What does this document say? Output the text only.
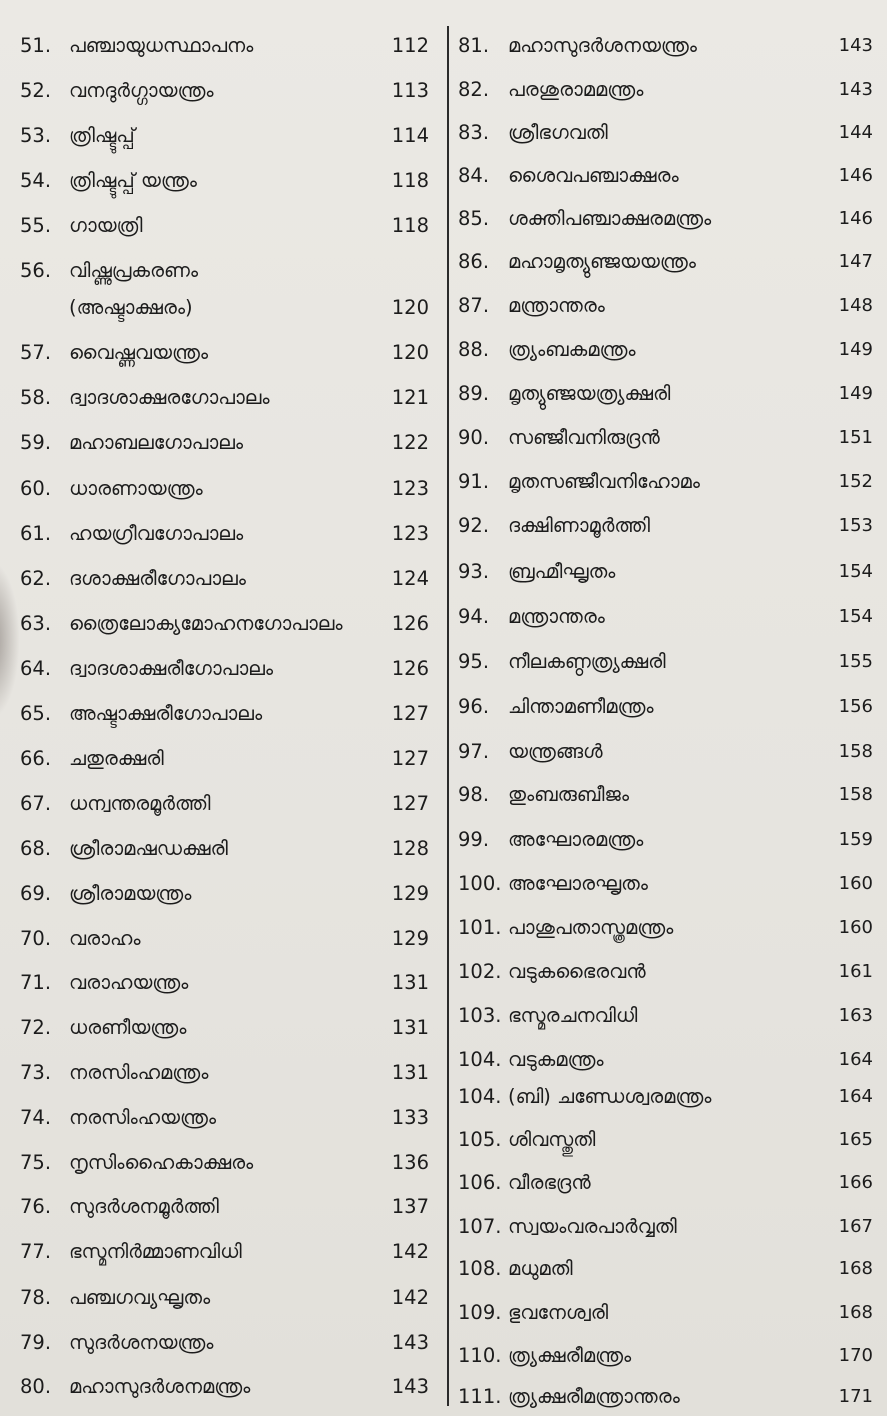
51. പഞ്ചായുധസ്ഥാപനം	112
52. വനദുർഗ്ഗായന്ത്രം	113
53. ത്രിഷ്ടുപ്പ്	114
54. ത്രിഷ്ടുപ്പ് യന്ത്രം	118
55. ഗായത്രി	118
56. വിഷ്ണുപ്രകരണം
(അഷ്ടാക്ഷരം)	120
57. വൈഷ്ണവയന്ത്രം	120
58. ദ്വാദശാക്ഷരഗോപാലം	121
59. മഹാബലഗോപാലം	122
60. ധാരണായന്ത്രം	123
61. ഹയഗ്രീവഗോപാലം	123
62. ദശാക്ഷരീഗോപാലം	124
63. ത്രൈലോക്യമോഹനഗോപാലം	126
64. ദ്വാദശാക്ഷരീഗോപാലം	126
65. അഷ്ടാക്ഷരീഗോപാലം	127
66. ചതുരക്ഷരി	127
67. ധന്വന്തരമൂർത്തി	127
68. ശ്രീരാമഷഡക്ഷരി	128
69. ശ്രീരാമയന്ത്രം	129
70. വരാഹം	129
71. വരാഹയന്ത്രം	131
72. ധരണീയന്ത്രം	131
73. നരസിംഹമന്ത്രം	131
74. നരസിംഹയന്ത്രം	133
75. നൃസിംഹൈകാക്ഷരം	136
76. സുദർശനമൂർത്തി	137
77. ഭസ്മനിർമ്മാണവിധി	142
78. പഞ്ചഗവ്യഘൃതം	142
79. സുദർശനയന്ത്രം	143
80. മഹാസുദർശനമന്ത്രം	143
81. മഹാസുദർശനയന്ത്രം	143
82. പരശുരാമമന്ത്രം	143
83. ശ്രീഭഗവതി	144
84. ശൈവപഞ്ചാക്ഷരം	146
85. ശക്തിപഞ്ചാക്ഷരമന്ത്രം	146
86. മഹാമൃത്യുഞ്ജയയന്ത്രം	147
87. മന്ത്രാന്തരം	148
88. ത്ര്യംബകമന്ത്രം	149
89. മൃത്യുഞ്ജയത്ര്യക്ഷരി	149
90. സഞ്ജീവനിരുദ്രൻ	151
91. മൃതസഞ്ജീവനിഹോമം	152
92. ദക്ഷിണാമൂർത്തി	153
93. ബ്രഹ്മീഘൃതം	154
94. മന്ത്രാന്തരം	154
95. നീലകണ്ഠത്ര്യക്ഷരി	155
96. ചിന്താമണീമന്ത്രം	156
97. യന്ത്രങ്ങൾ	158
98. തുംബരുബീജം	158
99. അഘോരമന്ത്രം	159
100. അഘോരഘൃതം	160
101. പാശുപതാസ്ത്രമന്ത്രം	160
102. വടുകഭൈരവൻ	161
103. ഭസ്മരചനവിധി	163
104. വടുകമന്ത്രം	164
104. (ബി) ചണ്ഡേശ്വരമന്ത്രം	164
105. ശിവസ്തുതി	165
106. വീരഭദ്രൻ	166
107. സ്വയംവരപാർവ്വതി	167
108. മധുമതി	168
109. ഭുവനേശ്വരി	168
110. ത്ര്യക്ഷരീമന്ത്രം	170
111. ത്ര്യക്ഷരീമന്ത്രാന്തരം	171
